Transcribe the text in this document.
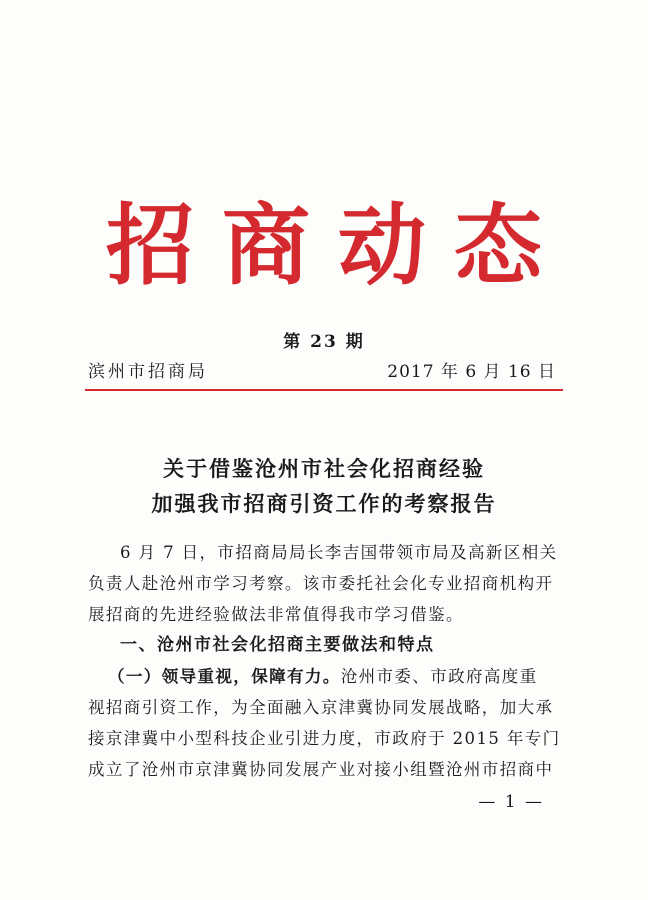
招商动态
第 23 期
滨州市招商局	2017 年 6 月 16 日
关于借鉴沧州市社会化招商经验
加强我市招商引资工作的考察报告
6 月 7 日，市招商局局长李吉国带领市局及高新区相关
负责人赴沧州市学习考察。该市委托社会化专业招商机构开
展招商的先进经验做法非常值得我市学习借鉴。
一、沧州市社会化招商主要做法和特点
（一）领导重视，保障有力。沧州市委、市政府高度重
视招商引资工作，为全面融入京津冀协同发展战略，加大承
接京津冀中小型科技企业引进力度，市政府于 2015 年专门
成立了沧州市京津冀协同发展产业对接小组暨沧州市招商中
— 1 —
